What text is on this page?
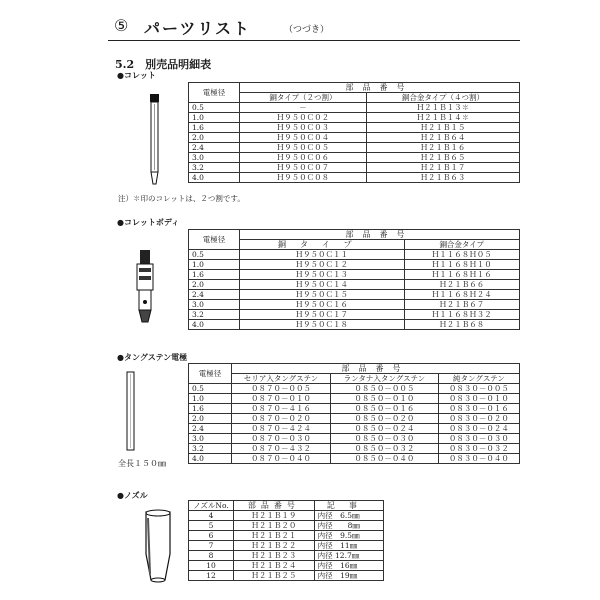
⑤ パーツリスト	（つづき）
5.2　別売品明細表
●コレット
電極径	部品番号	
	銅タイプ（２つ割）	銅合金タイプ（４つ割）
0.5	－	Ｈ２１Ｂ１３✽
1.0	Ｈ９５０Ｃ０２	Ｈ２１Ｂ１４✽
1.6	Ｈ９５０Ｃ０３	Ｈ２１Ｂ１５
2.0	Ｈ９５０Ｃ０４	Ｈ２１Ｂ６４
2.4	Ｈ９５０Ｃ０５	Ｈ２１Ｂ１６
3.0	Ｈ９５０Ｃ０６	Ｈ２１Ｂ６５
3.2	Ｈ９５０Ｃ０７	Ｈ２１Ｂ１７
4.0	Ｈ９５０Ｃ０８	Ｈ２１Ｂ６３
注）✽印のコレットは、２つ割です。
●コレットボディ
電極径	部品番号	
	銅タイプ	銅合金タイプ
0.5	Ｈ９５０Ｃ１１	Ｈ１１６８Ｈ０５
1.0	Ｈ９５０Ｃ１２	Ｈ１１６８Ｈ１０
1.6	Ｈ９５０Ｃ１３	Ｈ１１６８Ｈ１６
2.0	Ｈ９５０Ｃ１４	Ｈ２１Ｂ６６
2.4	Ｈ９５０Ｃ１５	Ｈ１１６８Ｈ２４
3.0	Ｈ９５０Ｃ１６	Ｈ２１Ｂ６７
3.2	Ｈ９５０Ｃ１７	Ｈ１１６８Ｈ３２
4.0	Ｈ９５０Ｃ１８	Ｈ２１Ｂ６８
●タングステン電極
全長１５０㎜
電極径	部品番号		
	セリア入タングステン	ランタナ入タングステン	純タングステン
0.5	０８７０－００５	０８５０－００５	０８３０－００５
1.0	０８７０－０１０	０８５０－０１０	０８３０－０１０
1.6	０８７０－４１６	０８５０－０１６	０８３０－０１６
2.0	０８７０－０２０	０８５０－０２０	０８３０－０２０
2.4	０８７０－４２４	０８５０－０２４	０８３０－０２４
3.0	０８７０－０３０	０８５０－０３０	０８３０－０３０
3.2	０８７０－４３２	０８５０－０３２	０８３０－０３２
4.0	０８７０－０４０	０８５０－０４０	０８３０－０４０
●ノズル
ノズルNo.	部品番号	記事
4	Ｈ２１Ｂ１９	内径　6.5㎜
5	Ｈ２１Ｂ２０	内径　　8㎜
6	Ｈ２１Ｂ２１	内径　9.5㎜
7	Ｈ２１Ｂ２２	内径　11㎜
8	Ｈ２１Ｂ２３	内径 12.7㎜
10	Ｈ２１Ｂ２４	内径　16㎜
12	Ｈ２１Ｂ２５	内径　19㎜
